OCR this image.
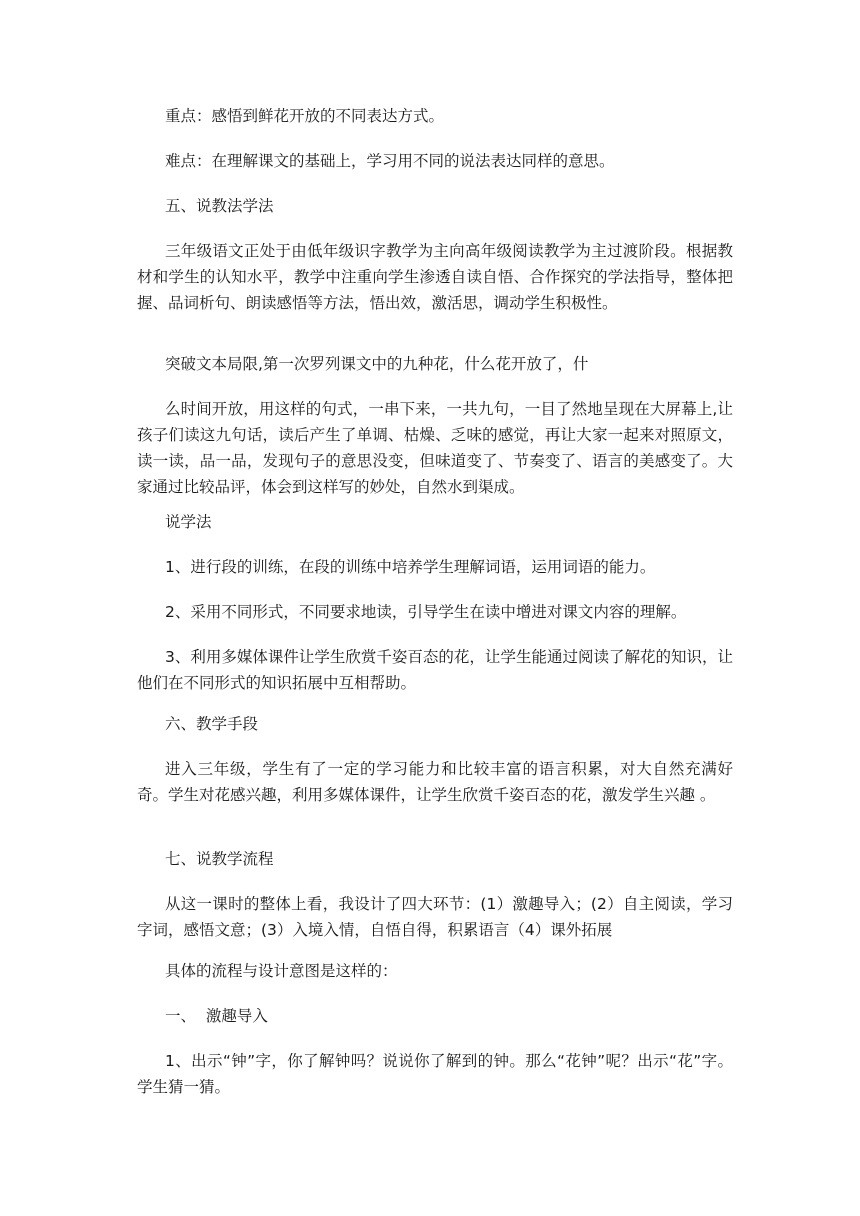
重点：感悟到鲜花开放的不同表达方式。

难点：在理解课文的基础上，学习用不同的说法表达同样的意思。

五、说教法学法

三年级语文正处于由低年级识字教学为主向高年级阅读教学为主过渡阶段。根据教材和学生的认知水平，教学中注重向学生渗透自读自悟、合作探究的学法指导，整体把握、品词析句、朗读感悟等方法，悟出效，激活思，调动学生积极性。

突破文本局限,第一次罗列课文中的九种花，什么花开放了，什

么时间开放，用这样的句式，一串下来，一共九句，一目了然地呈现在大屏幕上,让孩子们读这九句话，读后产生了单调、枯燥、乏味的感觉，再让大家一起来对照原文，读一读，品一品，发现句子的意思没变，但味道变了、节奏变了、语言的美感变了。大家通过比较品评，体会到这样写的妙处，自然水到渠成。

说学法

1、进行段的训练，在段的训练中培养学生理解词语，运用词语的能力。

2、采用不同形式，不同要求地读，引导学生在读中增进对课文内容的理解。

3、利用多媒体课件让学生欣赏千姿百态的花，让学生能通过阅读了解花的知识，让他们在不同形式的知识拓展中互相帮助。

六、教学手段

进入三年级，学生有了一定的学习能力和比较丰富的语言积累，对大自然充满好奇。学生对花感兴趣，利用多媒体课件，让学生欣赏千姿百态的花，激发学生兴趣 。

七、说教学流程

从这一课时的整体上看，我设计了四大环节：(1）激趣导入；(2）自主阅读，学习字词，感悟文意；(3）入境入情，自悟自得，积累语言（4）课外拓展

具体的流程与设计意图是这样的：

一、  激趣导入

1、出示“钟”字，你了解钟吗？说说你了解到的钟。那么“花钟”呢？出示“花”字。学生猜一猜。
